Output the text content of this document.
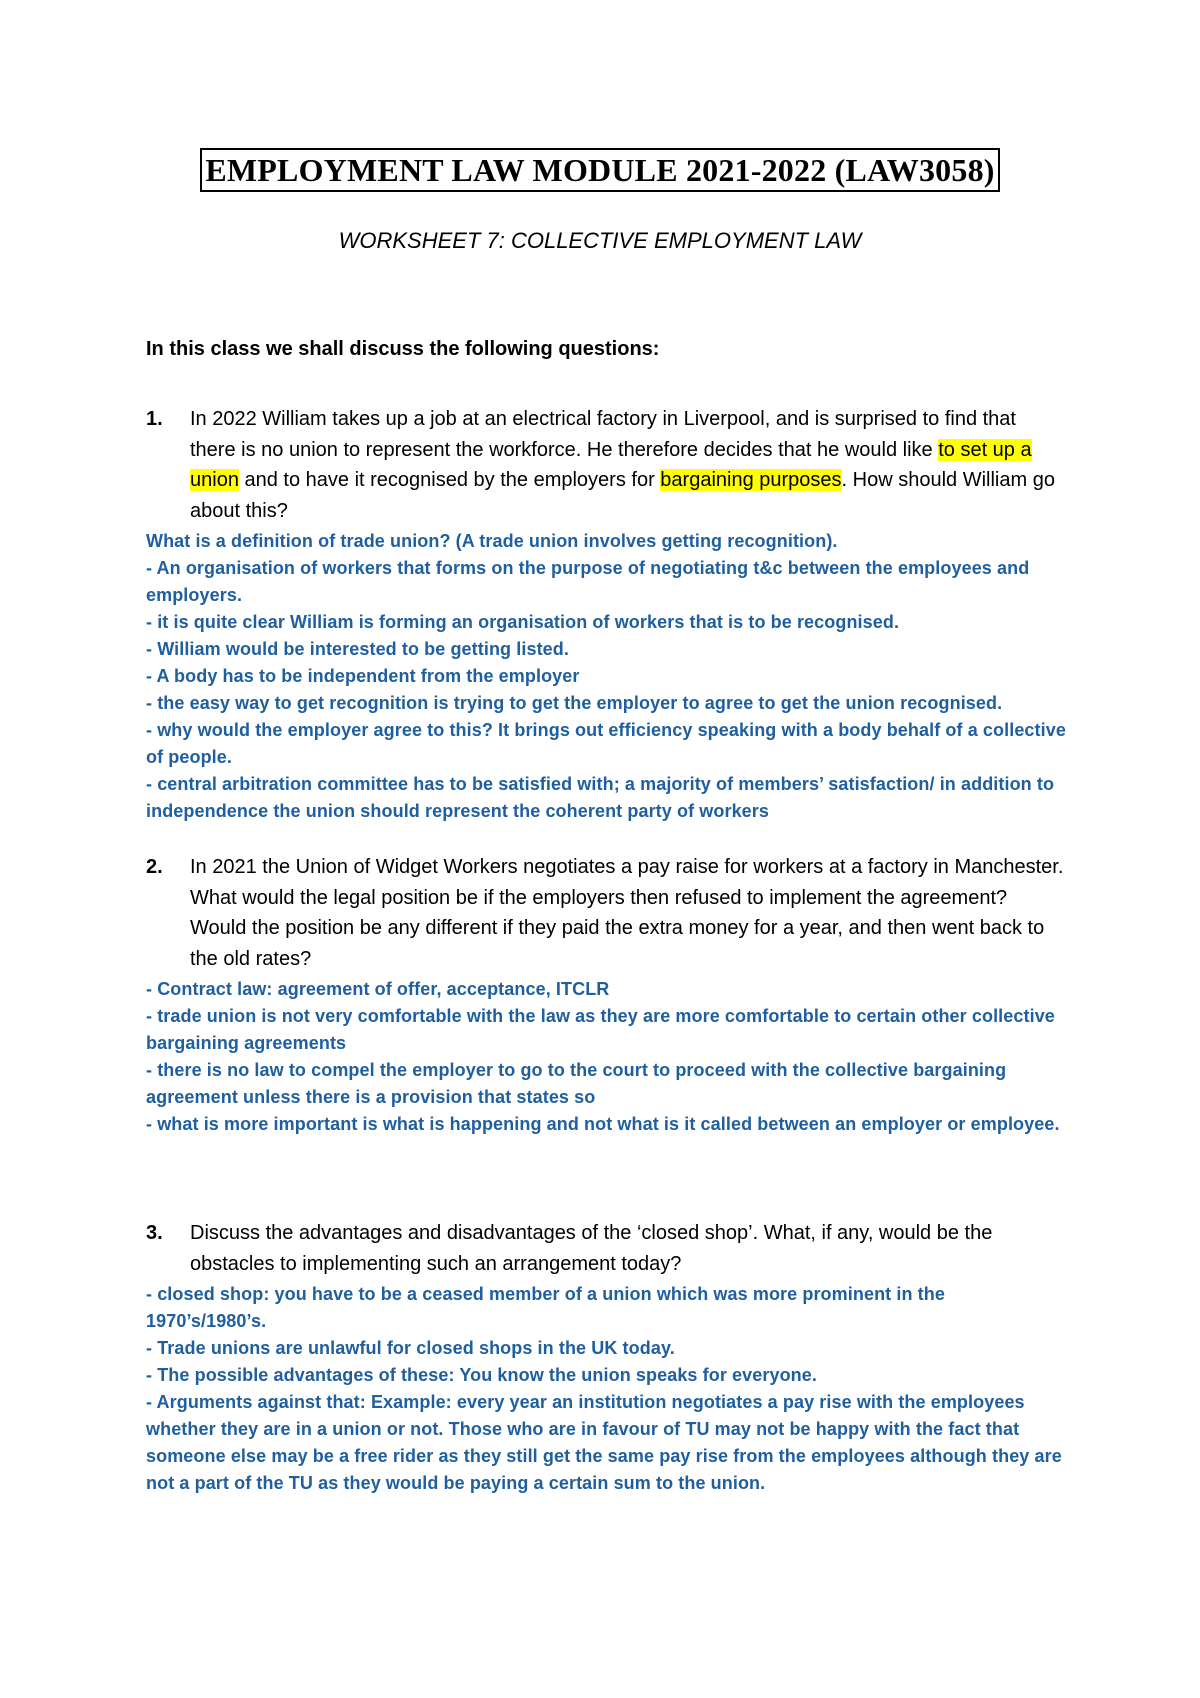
EMPLOYMENT LAW MODULE 2021-2022 (LAW3058)
WORKSHEET 7: COLLECTIVE EMPLOYMENT LAW
In this class we shall discuss the following questions:
1. In 2022 William takes up a job at an electrical factory in Liverpool, and is surprised to find that there is no union to represent the workforce. He therefore decides that he would like to set up a union and to have it recognised by the employers for bargaining purposes. How should William go about this?
What is a definition of trade union? (A trade union involves getting recognition).
- An organisation of workers that forms on the purpose of negotiating t&c between the employees and employers.
- it is quite clear William is forming an organisation of workers that is to be recognised.
- William would be interested to be getting listed.
- A body has to be independent from the employer
- the easy way to get recognition is trying to get the employer to agree to get the union recognised.
- why would the employer agree to this? It brings out efficiency speaking with a body behalf of a collective of people.
- central arbitration committee has to be satisfied with; a majority of members’ satisfaction/ in addition to independence the union should represent the coherent party of workers
2. In 2021 the Union of Widget Workers negotiates a pay raise for workers at a factory in Manchester. What would the legal position be if the employers then refused to implement the agreement? Would the position be any different if they paid the extra money for a year, and then went back to the old rates?
- Contract law: agreement of offer, acceptance, ITCLR
- trade union is not very comfortable with the law as they are more comfortable to certain other collective bargaining agreements
- there is no law to compel the employer to go to the court to proceed with the collective bargaining agreement unless there is a provision that states so
- what is more important is what is happening and not what is it called between an employer or employee.
3. Discuss the advantages and disadvantages of the ‘closed shop’. What, if any, would be the obstacles to implementing such an arrangement today?
- closed shop: you have to be a ceased member of a union which was more prominent in the 1970’s/1980’s.
- Trade unions are unlawful for closed shops in the UK today.
- The possible advantages of these: You know the union speaks for everyone.
- Arguments against that: Example: every year an institution negotiates a pay rise with the employees whether they are in a union or not. Those who are in favour of TU may not be happy with the fact that someone else may be a free rider as they still get the same pay rise from the employees although they are not a part of the TU as they would be paying a certain sum to the union.
